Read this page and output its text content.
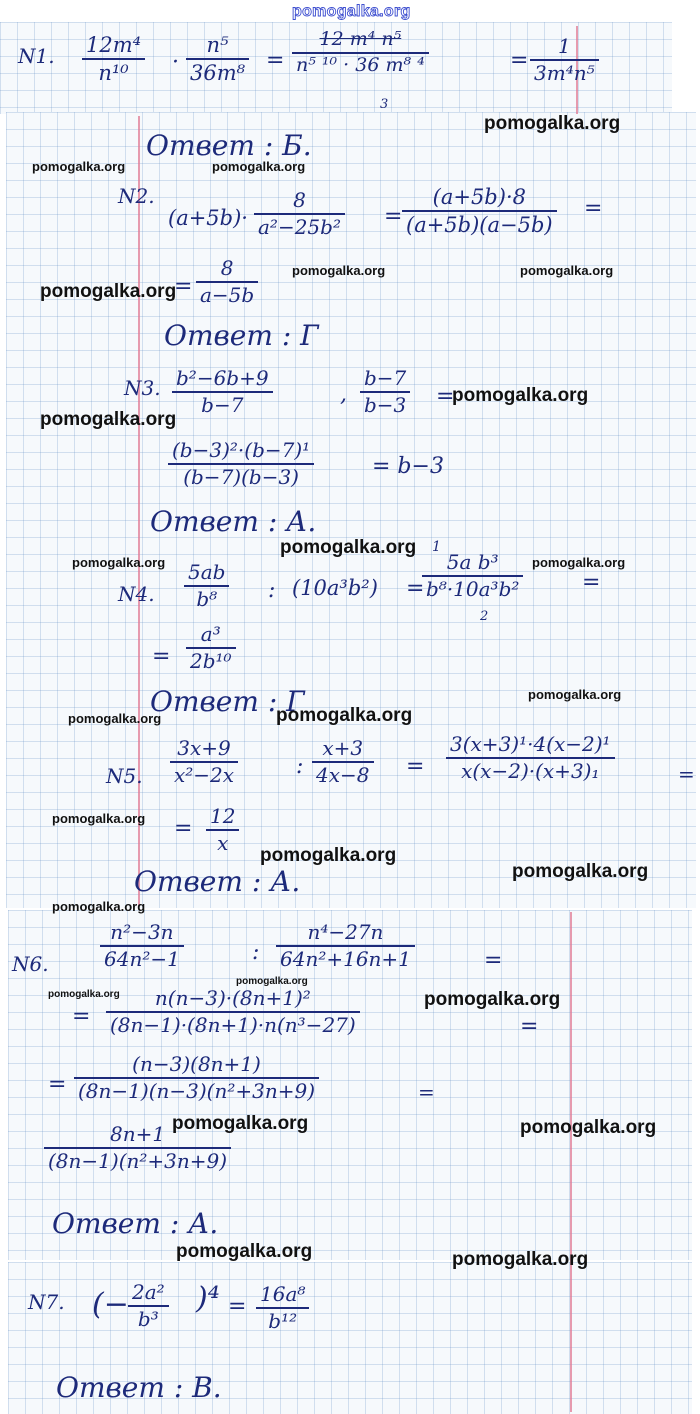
pomogalka.org
N1. $\frac{\text{12m⁴}}{\text{n¹⁰}} \cdot \frac{\text{n⁵}}{\text{36m⁸}} = \frac{\text{12 m⁴ n⁵}}{\text{n⁵ ¹⁰ · 36 m⁸ ⁴}}$
3
= $\frac{1}{\text{3m⁴n⁵}}$
Ответ : Б.
N2.
$(a+5b)\cdot \frac{8}{\text{a²−25b²}} = \frac{(a+5b)\cdot 8}{(a+5b)(a-5b)}$ =
= $\frac{8}{a-5b}$
Ответ : Г
N3. $\frac{\text{b²−6b+9}}{b-7}$	, $\frac{b-7}{b-3}$ =
$\frac{\text{(b−3)²·(b−7)¹}}{(b-7)(b-3)}$	= b−3
Ответ : А.
N4. $\frac{5ab}{\text{b⁸}}$ : (10a³b²) =
1
$\frac{\text{5a b³}}{\text{b⁸·10a³b²}}$
2
=
= $\frac{\text{a³}}{\text{2b¹⁰}}$
Ответ : Г
N5. $\frac{3x+9}{\text{x²−2x}}$	: $\frac{x+3}{4x-8} = \frac{\text{3(x+3)¹·4(x−2)¹}}{\text{x(x−2)·(x+3)₁}}$	=
= $\frac{12}{x}$
Ответ : А.
N6.	$\frac{\text{n²−3n}}{\text{64n²−1}}$	: $\frac{\text{n⁴−27n}}{\text{64n²+16n+1}}$	=
= $\frac{\text{n(n−3)·(8n+1)²}}{\text{(8n−1)·(8n+1)·n(n³−27)}}$	=
= $\frac{(n-3)(8n+1)}{\text{(8n−1)(n−3)(n²+3n+9)}}$	=
$\frac{8n+1}{\text{(8n−1)(n²+3n+9)}}$
Ответ : А.
N7. (− $\frac{\text{2a²}}{\text{b³}} )^4 = \frac{\text{16a⁸}}{\text{b¹²}}$
Ответ : В.
pomogalka.org
pomogalka.org	pomogalka.org
pomogalka.org	pomogalka.org
pomogalka.org
pomogalka.org
pomogalka.org
pomogalka.org
pomogalka.org	pomogalka.org
pomogalka.org
pomogalka.org
pomogalka.org
pomogalka.org
pomogalka.org
pomogalka.org
pomogalka.org
pomogalka.org
pomogalka.org	pomogalka.org
pomogalka.org	pomogalka.org
pomogalka.org	pomogalka.org
